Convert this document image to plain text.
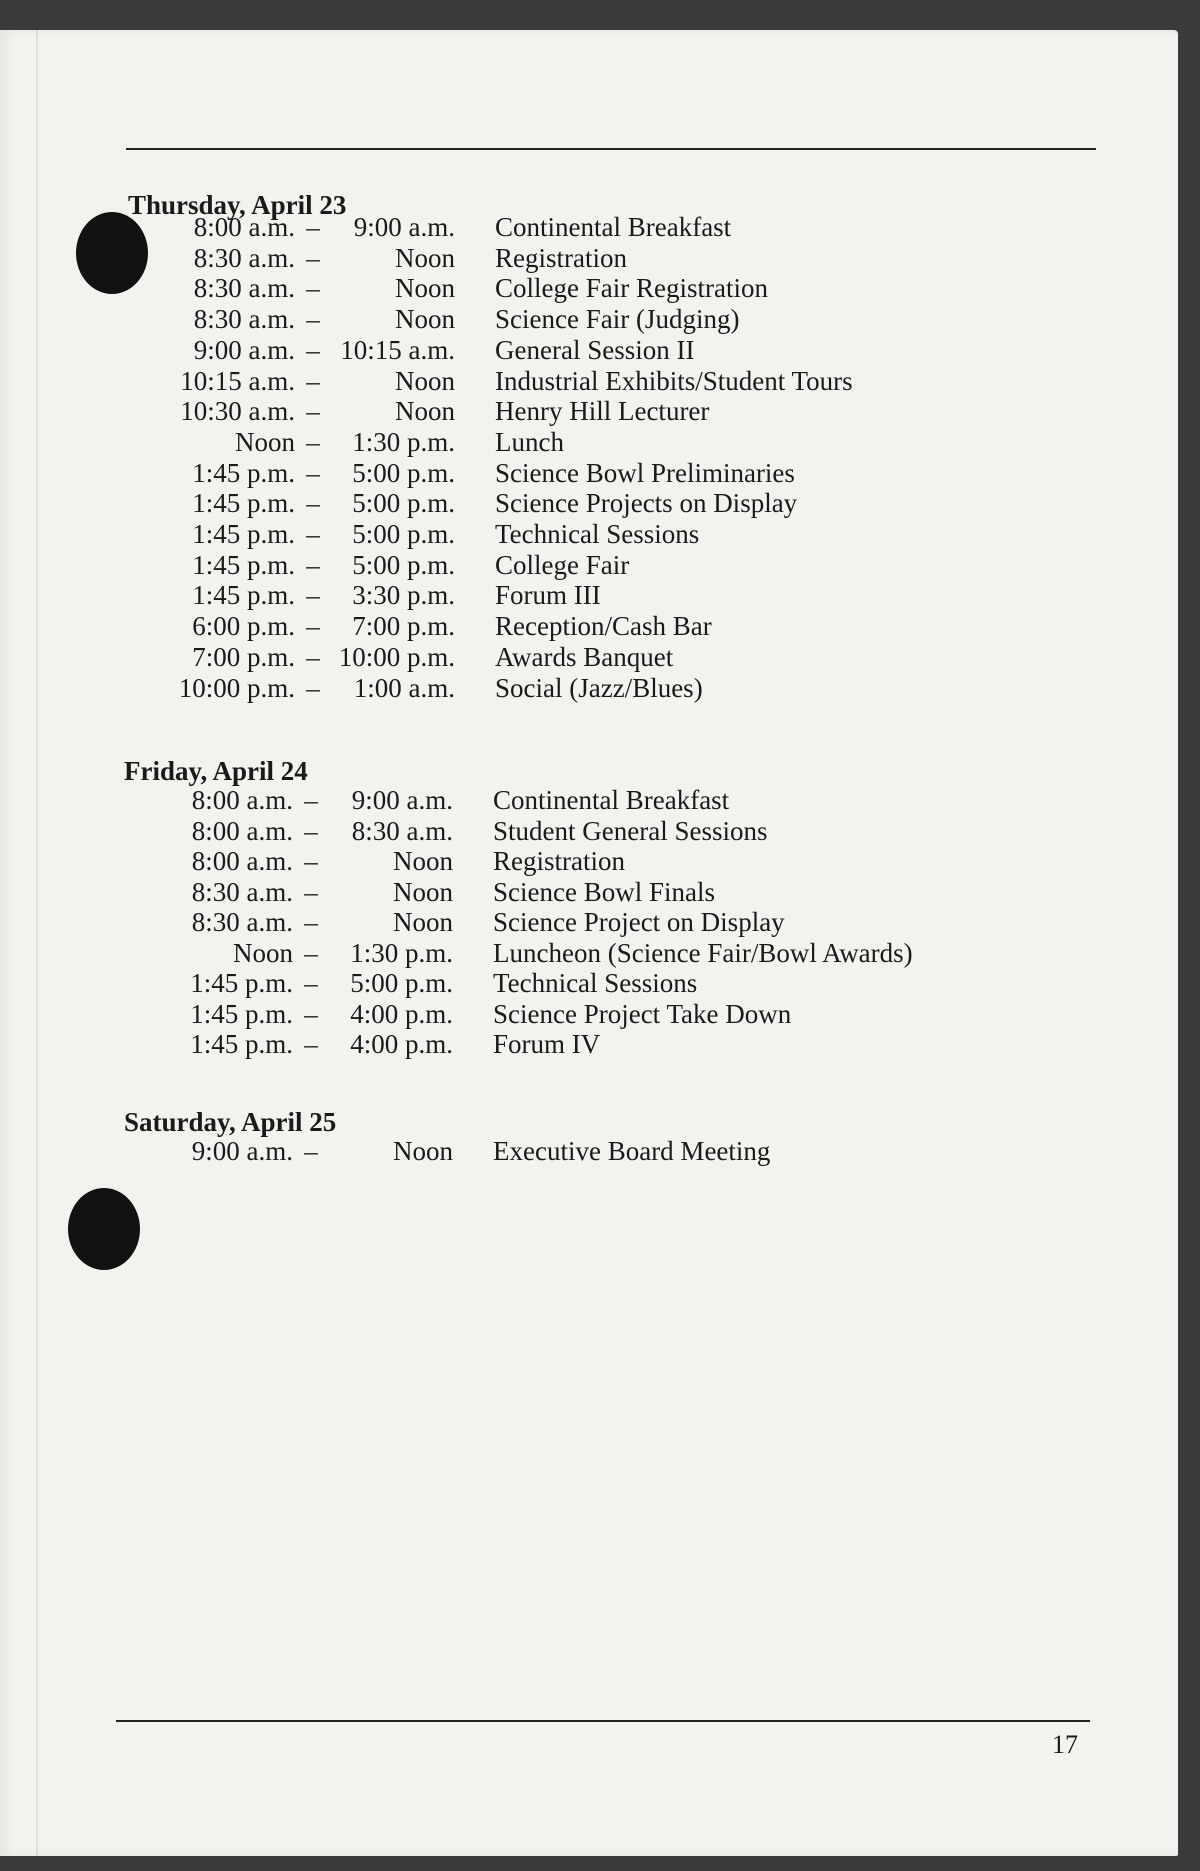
Thursday, April 23
8:00 a.m. –	9:00 a.m. Continental Breakfast
8:30 a.m. –	Noon Registration
8:30 a.m. –	Noon College Fair Registration
8:30 a.m. –	Noon Science Fair (Judging)
9:00 a.m. – 10:15 a.m. General Session II
10:15 a.m. –	Noon Industrial Exhibits/Student Tours
10:30 a.m. –	Noon Henry Hill Lecturer
Noon –	1:30 p.m. Lunch
1:45 p.m. –	5:00 p.m. Science Bowl Preliminaries
1:45 p.m. –	5:00 p.m. Science Projects on Display
1:45 p.m. –	5:00 p.m. Technical Sessions
1:45 p.m. –	5:00 p.m. College Fair
1:45 p.m. –	3:30 p.m. Forum III
6:00 p.m. –	7:00 p.m. Reception/Cash Bar
7:00 p.m. – 10:00 p.m. Awards Banquet
10:00 p.m. –	1:00 a.m. Social (Jazz/Blues)
Friday, April 24
8:00 a.m. –	9:00 a.m. Continental Breakfast
8:00 a.m. –	8:30 a.m. Student General Sessions
8:00 a.m. –	Noon Registration
8:30 a.m. –	Noon Science Bowl Finals
8:30 a.m. –	Noon Science Project on Display
Noon –	1:30 p.m. Luncheon (Science Fair/Bowl Awards)
1:45 p.m. –	5:00 p.m. Technical Sessions
1:45 p.m. –	4:00 p.m. Science Project Take Down
1:45 p.m. –	4:00 p.m. Forum IV
Saturday, April 25
9:00 a.m. –	Noon Executive Board Meeting
17
